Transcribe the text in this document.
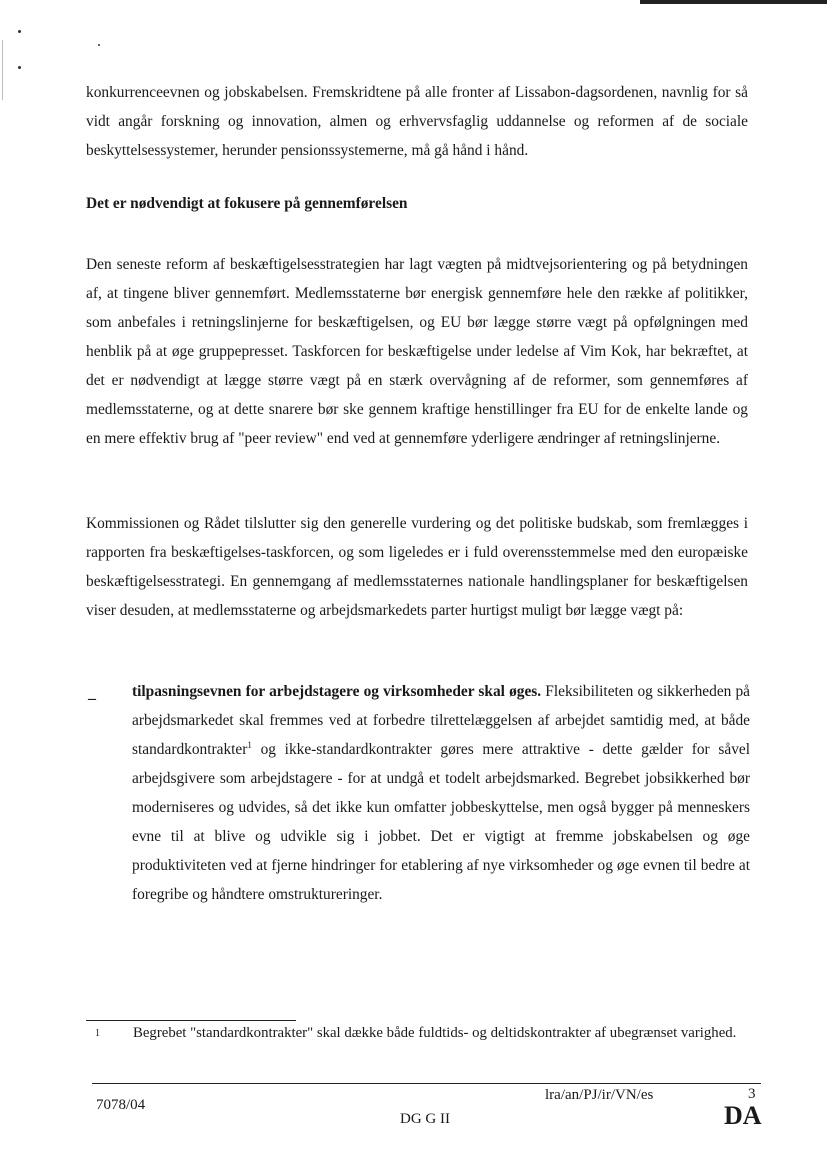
konkurrenceevnen og jobskabelsen. Fremskridtene på alle fronter af Lissabon-dagsordenen, navnlig for så vidt angår forskning og innovation, almen og erhvervsfaglig uddannelse og reformen af de sociale beskyttelsessystemer, herunder pensionssystemerne, må gå hånd i hånd.

Det er nødvendigt at fokusere på gennemførelsen

Den seneste reform af beskæftigelsesstrategien har lagt vægten på midtvejsorientering og på betydningen af, at tingene bliver gennemført. Medlemsstaterne bør energisk gennemføre hele den række af politikker, som anbefales i retningslinjerne for beskæftigelsen, og EU bør lægge større vægt på opfølgningen med henblik på at øge gruppepresset. Taskforcen for beskæftigelse under ledelse af Vim Kok, har bekræftet, at det er nødvendigt at lægge større vægt på en stærk overvågning af de reformer, som gennemføres af medlemsstaterne, og at dette snarere bør ske gennem kraftige henstillinger fra EU for de enkelte lande og en mere effektiv brug af "peer review" end ved at gennemføre yderligere ændringer af retningslinjerne.

Kommissionen og Rådet tilslutter sig den generelle vurdering og det politiske budskab, som fremlægges i rapporten fra beskæftigelses-taskforcen, og som ligeledes er i fuld overensstemmelse med den europæiske beskæftigelsesstrategi. En gennemgang af medlemsstaternes nationale handlingsplaner for beskæftigelsen viser desuden, at medlemsstaterne og arbejdsmarkedets parter hurtigst muligt bør lægge vægt på:

– tilpasningsevnen for arbejdstagere og virksomheder skal øges. Fleksibiliteten og sikkerheden på arbejdsmarkedet skal fremmes ved at forbedre tilrettelæggelsen af arbejdet samtidig med, at både standardkontrakter$^1$ og ikke-standardkontrakter gøres mere attraktive - dette gælder for såvel arbejdsgivere som arbejdstagere - for at undgå et todelt arbejdsmarked. Begrebet jobsikkerhed bør moderniseres og udvides, så det ikke kun omfatter jobbeskyttelse, men også bygger på menneskers evne til at blive og udvikle sig i jobbet. Det er vigtigt at fremme jobskabelsen og øge produktiviteten ved at fjerne hindringer for etablering af nye virksomheder og øge evnen til bedre at foregribe og håndtere omstruktureringer.

1 Begrebet "standardkontrakter" skal dække både fuldtids- og deltidskontrakter af ubegrænset varighed.
7078/04
DG G II
lra/an/PJ/ir/VN/es	3
DA
